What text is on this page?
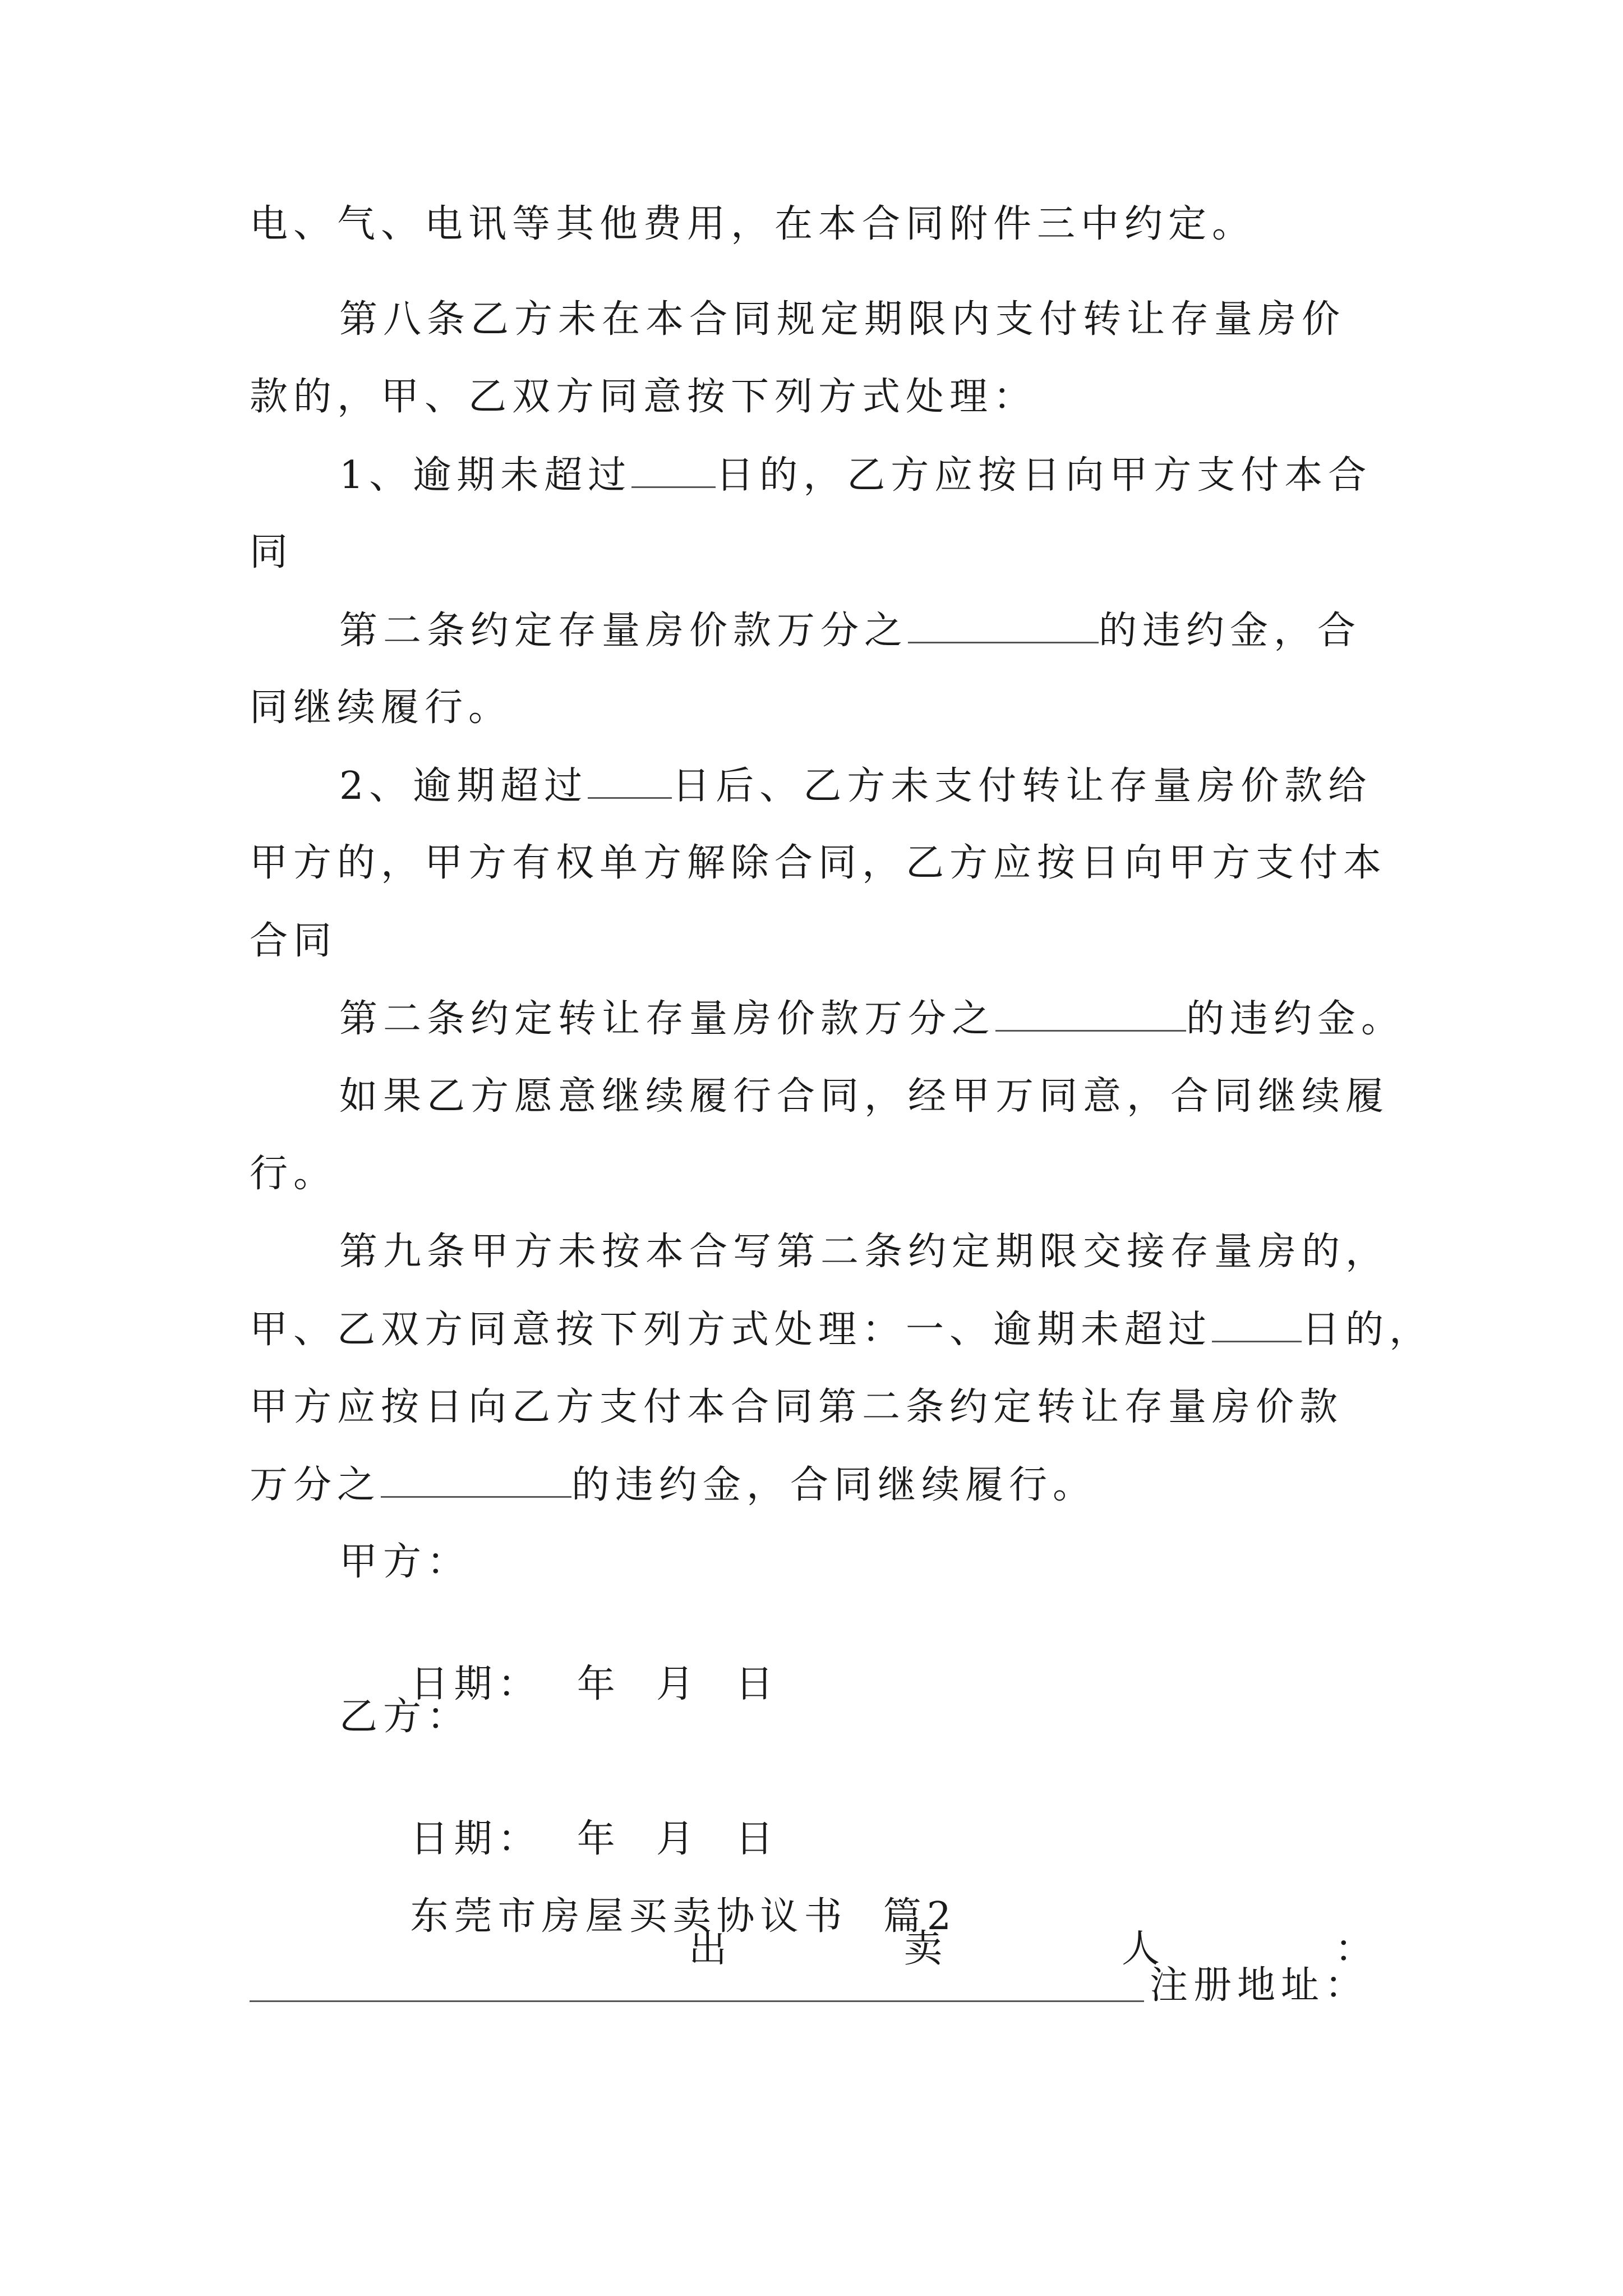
电、气、电讯等其他费用，在本合同附件三中约定。

第八条乙方未在本合同规定期限内支付转让存量房价

款的，甲、乙双方同意按下列方式处理：

1、逾期未超过 日的，乙方应按日向甲方支付本合

同

第二条约定存量房价款万分之	的违约金，合

同继续履行。

2、逾期超过 日后、乙方未支付转让存量房价款给

甲方的，甲方有权单方解除合同，乙方应按日向甲方支付本

合同

第二条约定转让存量房价款万分之	的违约金。

如果乙方愿意继续履行合同，经甲万同意，合同继续履

行。

第九条甲方未按本合写第二条约定期限交接存量房的，

甲、乙双方同意按下列方式处理：一、逾期未超过 日的，

甲方应按日向乙方支付本合同第二条约定转让存量房价款

万分之	的违约金，合同继续履行。

甲方：

日期：  年  月  日

乙方：

日期：  年  月  日

东莞市房屋买卖协议书  篇2

出	卖	人	：

注册地址：
